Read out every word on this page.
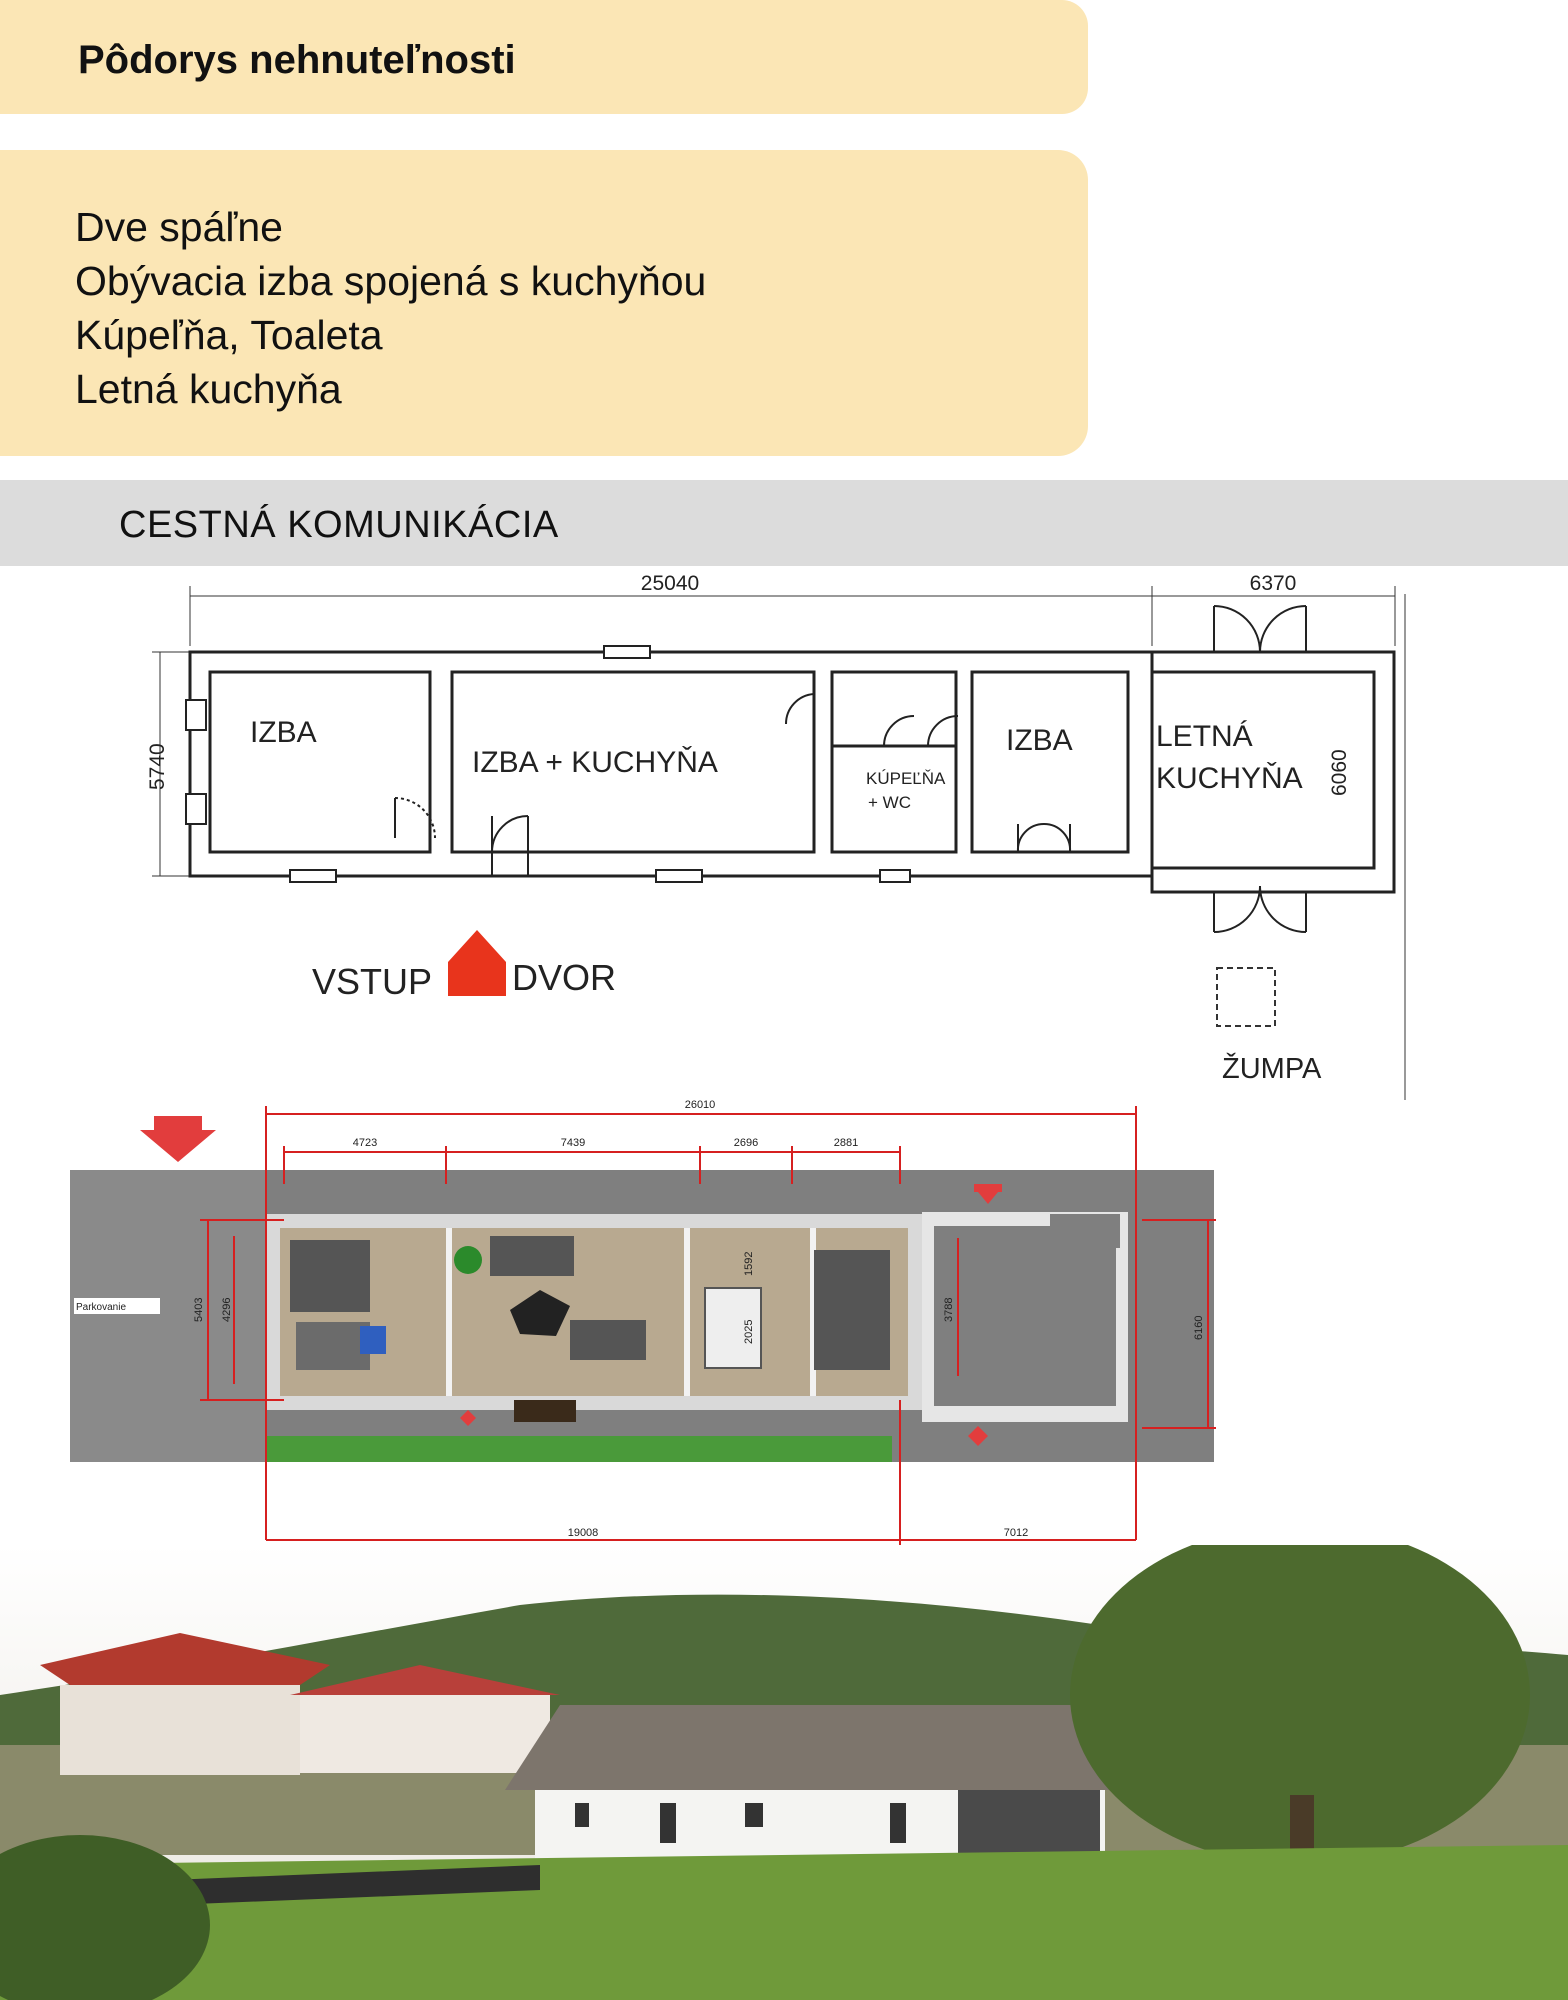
Pôdorys nehnuteľnosti
Dve spáľne
Obývacia izba spojená s kuchyňou
Kúpeľňa, Toaleta
Letná kuchyňa
CESTNÁ KOMUNIKÁCIA
25040	6370
5740	6060
IZBA
IZBA + KUCHYŇA	KÚPEĽŇA
+ WC
IZBA	LETNÁ
KUCHYŇA
VSTUP DVOR
ŽUMPA
26010
4723	7439	2696	2881
5403 4296
6160
3788
1592
2025
19008	7012
Parkovanie
